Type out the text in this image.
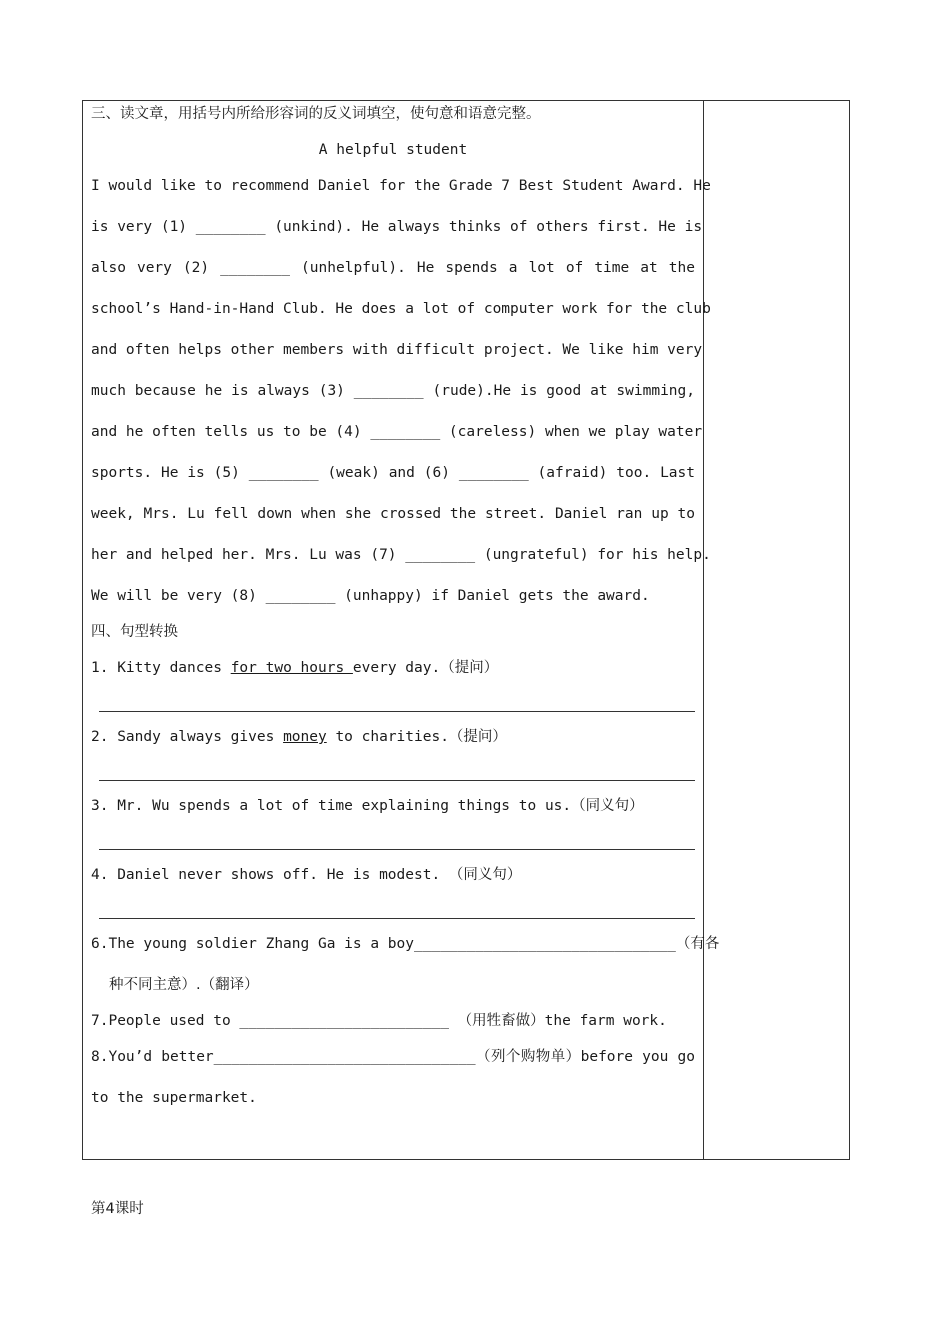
三、读文章，用括号内所给形容词的反义词填空，使句意和语意完整。
A helpful student
I would like to recommend Daniel for the Grade 7 Best Student Award. He
is very (1) ________ (unkind). He always thinks of others first. He is
also very (2) ________ (unhelpful). He spends a lot of time at the
school’s Hand-in-Hand Club. He does a lot of computer work for the club
and often helps other members with difficult project. We like him very
much because he is always (3) ________ (rude).He is good at swimming,
and he often tells us to be (4) ________ (careless) when we play water
sports. He is (5) ________ (weak) and (6) ________ (afraid) too. Last
week, Mrs. Lu fell down when she crossed the street. Daniel ran up to
her and helped her. Mrs. Lu was (7) ________ (ungrateful) for his help.
We will be very (8) ________ (unhappy) if Daniel gets the award.
四、句型转换
1. Kitty dances for two hours every day.（提问）
2. Sandy always gives money to charities.（提问）
3. Mr. Wu spends a lot of time explaining things to us.（同义句）
4. Daniel never shows off. He is modest. （同义句）
6.The young soldier Zhang Ga is a boy______________________________（有各
种不同主意）.（翻译）
7.People used to ________________________ （用牲畜做）the farm work.
8.You’d better______________________________（列个购物单）before you go
to the supermarket.
第4课时
